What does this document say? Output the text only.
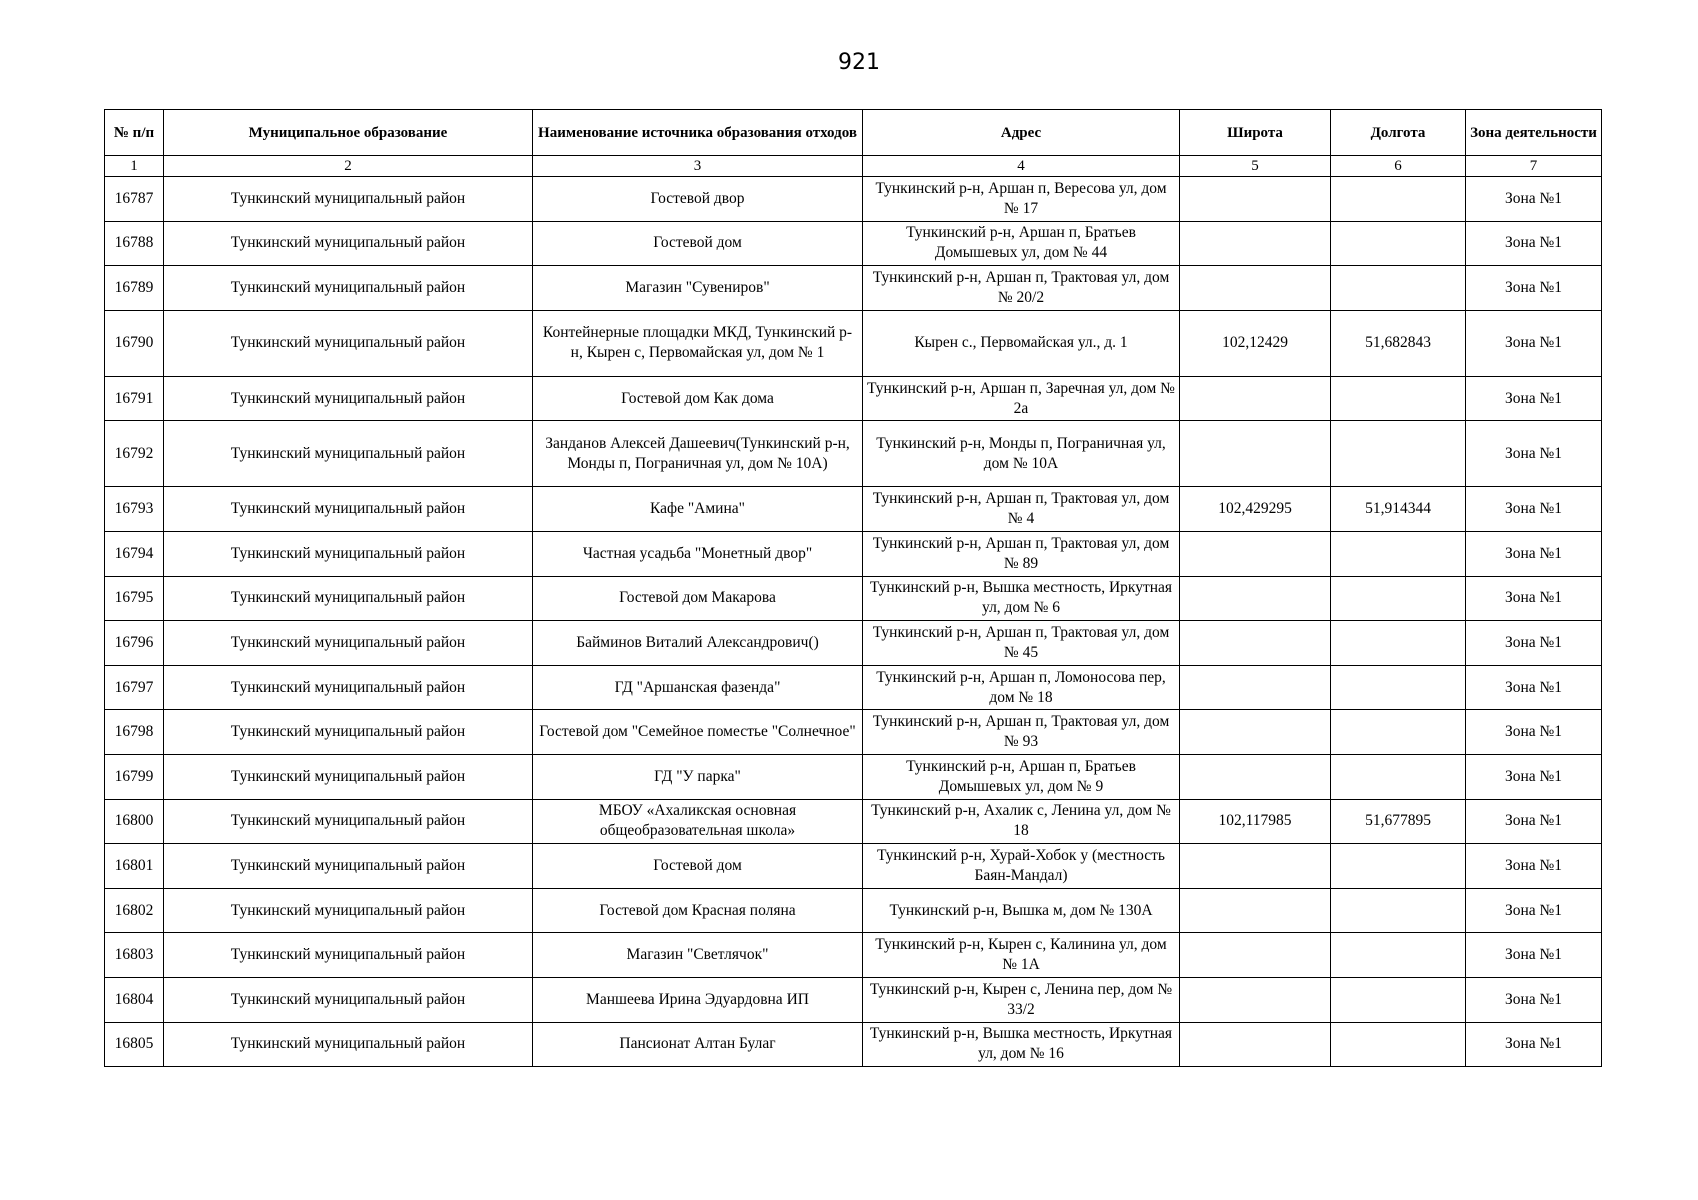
921
№ п/п	Муниципальное образование	Наименование источника образования отходов	Адрес	Широта	Долгота	Зона деятельности
1	2	3	4	5	6	7
16787	Тункинский муниципальный район	Гостевой двор	Тункинский р-н, Аршан п, Вересова ул, дом № 17			Зона №1
16788	Тункинский муниципальный район	Гостевой дом	Тункинский р-н, Аршан п, Братьев Домышевых ул, дом № 44			Зона №1
16789	Тункинский муниципальный район	Магазин "Сувениров"	Тункинский р-н, Аршан п, Трактовая ул, дом № 20/2			Зона №1
16790	Тункинский муниципальный район	Контейнерные площадки МКД, Тункинский р-н, Кырен с, Первомайская ул, дом № 1	Кырен с., Первомайская ул., д. 1	102,12429	51,682843	Зона №1
16791	Тункинский муниципальный район	Гостевой дом Как дома	Тункинский р-н, Аршан п, Заречная ул, дом № 2а			Зона №1
16792	Тункинский муниципальный район	Занданов Алексей Дашеевич(Тункинский р-н, Монды п, Пограничная ул, дом № 10А)	Тункинский р-н, Монды п, Пограничная ул, дом № 10А			Зона №1
16793	Тункинский муниципальный район	Кафе "Амина"	Тункинский р-н, Аршан п, Трактовая ул, дом № 4	102,429295	51,914344	Зона №1
16794	Тункинский муниципальный район	Частная усадьба "Монетный двор"	Тункинский р-н, Аршан п, Трактовая ул, дом № 89			Зона №1
16795	Тункинский муниципальный район	Гостевой дом Макарова	Тункинский р-н, Вышка местность, Иркутная ул, дом № 6			Зона №1
16796	Тункинский муниципальный район	Байминов Виталий Александрович()	Тункинский р-н, Аршан п, Трактовая ул, дом № 45			Зона №1
16797	Тункинский муниципальный район	ГД "Аршанская фазенда"	Тункинский р-н, Аршан п, Ломоносова пер, дом № 18			Зона №1
16798	Тункинский муниципальный район	Гостевой дом "Семейное поместье "Солнечное"	Тункинский р-н, Аршан п, Трактовая ул, дом № 93			Зона №1
16799	Тункинский муниципальный район	ГД "У парка"	Тункинский р-н, Аршан п, Братьев Домышевых ул, дом № 9			Зона №1
16800	Тункинский муниципальный район	МБОУ «Ахаликская основная общеобразовательная школа»	Тункинский р-н, Ахалик с, Ленина ул, дом № 18	102,117985	51,677895	Зона №1
16801	Тункинский муниципальный район	Гостевой дом	Тункинский р-н, Хурай-Хобок у (местность Баян-Мандал)			Зона №1
16802	Тункинский муниципальный район	Гостевой дом Красная поляна	Тункинский р-н, Вышка м, дом № 130А			Зона №1
16803	Тункинский муниципальный район	Магазин "Светлячок"	Тункинский р-н, Кырен с, Калинина ул, дом № 1А			Зона №1
16804	Тункинский муниципальный район	Маншеева Ирина Эдуардовна ИП	Тункинский р-н, Кырен с, Ленина пер, дом № 33/2			Зона №1
16805	Тункинский муниципальный район	Пансионат Алтан Булаг	Тункинский р-н, Вышка местность, Иркутная ул, дом № 16			Зона №1
